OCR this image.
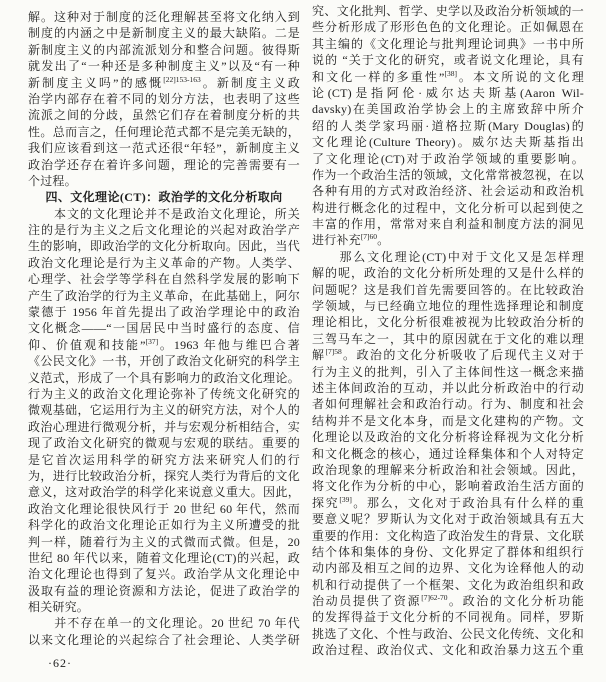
解。这种对于制度的泛化理解甚至将文化纳入到
制度的内涵之中是新制度主义的最大缺陷。二是
新制度主义的内部流派划分和整合问题。彼得斯
就发出了“一种还是多种制度主义”以及“有一种
新制度主义吗”的感慨$^{[22]153-163}$。新制度主义政
治学内部存在着不同的划分方法，也表明了这些
流派之间的分歧，虽然它们存在着制度分析的共
性。总而言之，任何理论范式都不是完美无缺的，
我们应该看到这一范式还很“年轻”，新制度主义
政治学还存在着许多问题，理论的完善需要有一
个过程。
四、文化理论(CT)：政治学的文化分析取向
　　本文的文化理论并不是政治文化理论，所关
注的是行为主义之后文化理论的兴起对政治学产
生的影响，即政治学的文化分析取向。因此，当代
政治文化理论是行为主义革命的产物。人类学、
心理学、社会学等学科在自然科学发展的影响下
产生了政治学的行为主义革命，在此基础上，阿尔
蒙德于 1956 年首先提出了政治学理论中的政治
文化概念——“一国居民中当时盛行的态度、信
仰、价值观和技能”[37]。1963 年他与维巴合著
《公民文化》一书，开创了政治文化研究的科学主
义范式，形成了一个具有影响力的政治文化理论。
行为主义的政治文化理论弥补了传统文化研究的
微观基础，它运用行为主义的研究方法，对个人的
政治心理进行微观分析，并与宏观分析相结合，实
现了政治文化研究的微观与宏观的联结。重要的
是它首次运用科学的研究方法来研究人们的行
为，进行比较政治分析，探究人类行为背后的文化
意义，这对政治学的科学化来说意义重大。因此，
政治文化理论很快风行于 20 世纪 60 年代，然而
科学化的政治文化理论正如行为主义所遭受的批
判一样，随着行为主义的式微而式微。但是，20
世纪 80 年代以来，随着文化理论(CT)的兴起，政
治文化理论也得到了复兴。政治学从文化理论中
汲取有益的理论资源和方法论，促进了政治学的
相关研究。
　　并不存在单一的文化理论。20 世纪 70 年代
以来文化理论的兴起综合了社会理论、人类学研
·62·
究、文化批判、哲学、史学以及政治分析领域的一
些分析形成了形形色色的文化理论。正如佩恩在
其主编的《文化理论与批判理论词典》一书中所
说的 “关于文化的研究，或者说文化理论，具有
和文化一样的多重性”[38]。本文所说的文化理
论(CT)是指阿伦·威尔达夫斯基(Aaron Wil-
davsky)在美国政治学协会上的主席致辞中所介
绍的人类学家玛丽·道格拉斯(Mary Douglas)的
文化理论(Culture Theory)。威尔达夫斯基指出
了文化理论(CT)对于政治学领域的重要影响。
作为一个政治生活的领域，文化常常被忽视，在以
各种有用的方式对政治经济、社会运动和政治机
构进行概念化的过程中，文化分析可以起到使之
丰富的作用，常常对来自利益和制度方法的洞见
进行补充$^{[7]60}$。
　　那么文化理论(CT)中对于文化又是怎样理
解的呢，政治的文化分析所处理的又是什么样的
问题呢？这是我们首先需要回答的。在比较政治
学领域，与已经确立地位的理性选择理论和制度
理论相比，文化分析很难被视为比较政治分析的
三驾马车之一，其中的原因就在于文化的难以理
解$^{[7]58}$。政治的文化分析吸收了后现代主义对于
行为主义的批判，引入了主体间性这一概念来描
述主体间政治的互动，并以此分析政治中的行动
者如何理解社会和政治行动。行为、制度和社会
结构并不是文化本身，而是文化建构的产物。文
化理论以及政治的文化分析将诠释视为文化分析
和文化概念的核心，通过诠释集体和个人对特定
政治现象的理解来分析政治和社会领域。因此，
将文化作为分析的中心，影响着政治生活方面的
探究[39]。那么，文化对于政治具有什么样的重
要意义呢？罗斯认为文化对于政治领域具有五大
重要的作用：文化构造了政治发生的背景、文化联
结个体和集体的身份、文化界定了群体和组织行
动内部及相互之间的边界、文化为诠释他人的动
机和行动提供了一个框架、文化为政治组织和政
治动员提供了资源$^{[7]62-70}$。政治的文化分析功能
的发挥得益于文化分析的不同视角。同样，罗斯
挑选了文化、个性与政治、公民文化传统、文化和
政治过程、政治仪式、文化和政治暴力这五个重
